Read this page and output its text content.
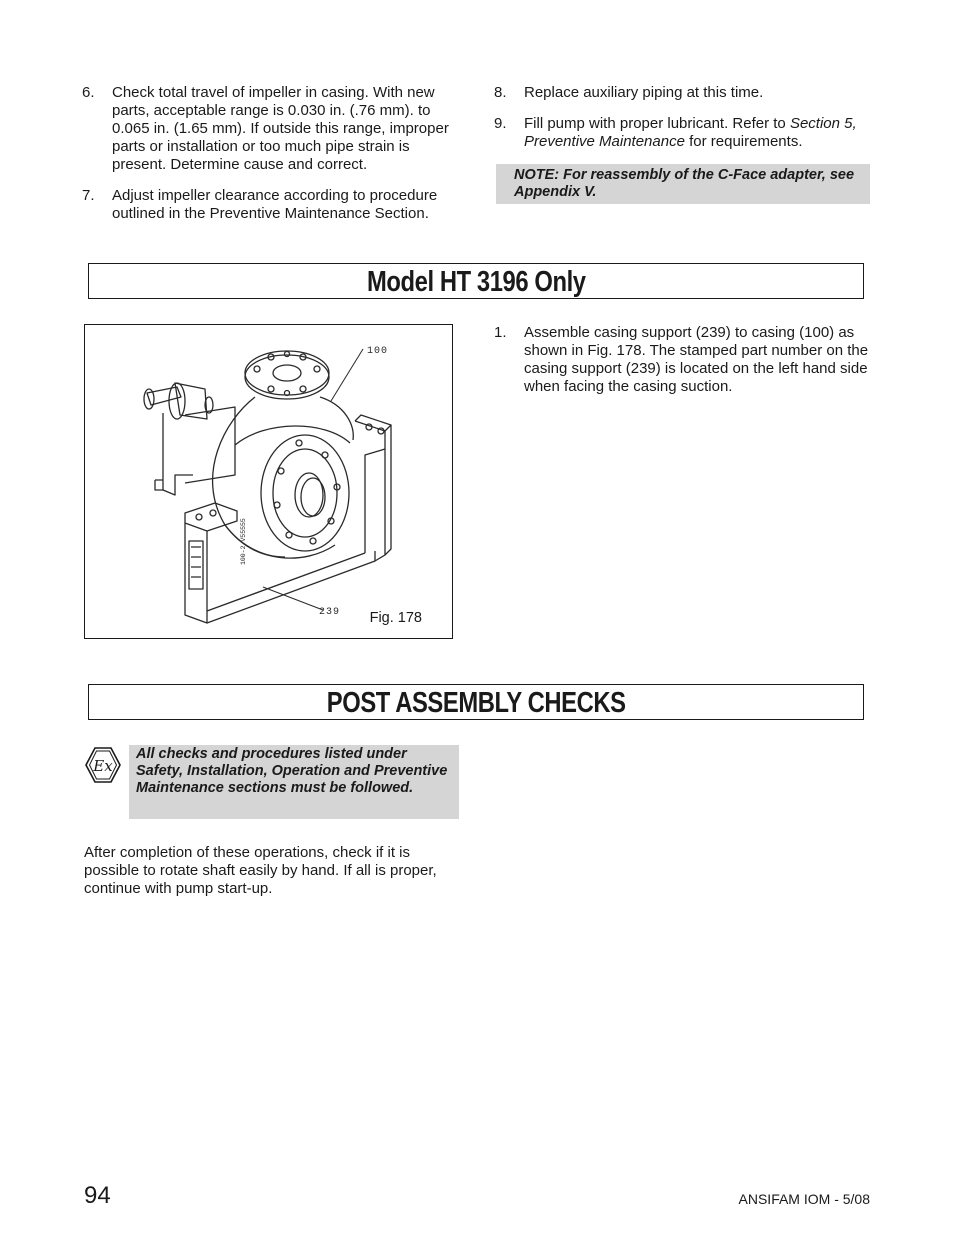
6. Check total travel of impeller in casing. With new parts, acceptable range is 0.030 in. (.76 mm). to 0.065 in. (1.65 mm). If outside this range, improper parts or installation or too much pipe strain is present. Determine cause and correct.
7. Adjust impeller clearance according to procedure outlined in the Preventive Maintenance Section.
8. Replace auxiliary piping at this time.
9. Fill pump with proper lubricant. Refer to Section 5, Preventive Maintenance for requirements.
NOTE: For reassembly of the C-Face adapter, see Appendix V.
Model HT 3196 Only
100-2 V55555
100
239 Fig. 178
1. Assemble casing support (239) to casing (100) as shown in Fig. 178. The stamped part number on the casing support (239) is located on the left hand side when facing the casing suction.
POST ASSEMBLY CHECKS
Ex
All checks and procedures listed under Safety, Installation, Operation and Preventive Maintenance sections must be followed.
After completion of these operations, check if it is possible to rotate shaft easily by hand. If all is proper, continue with pump start-up.
94	ANSIFAM IOM - 5/08
